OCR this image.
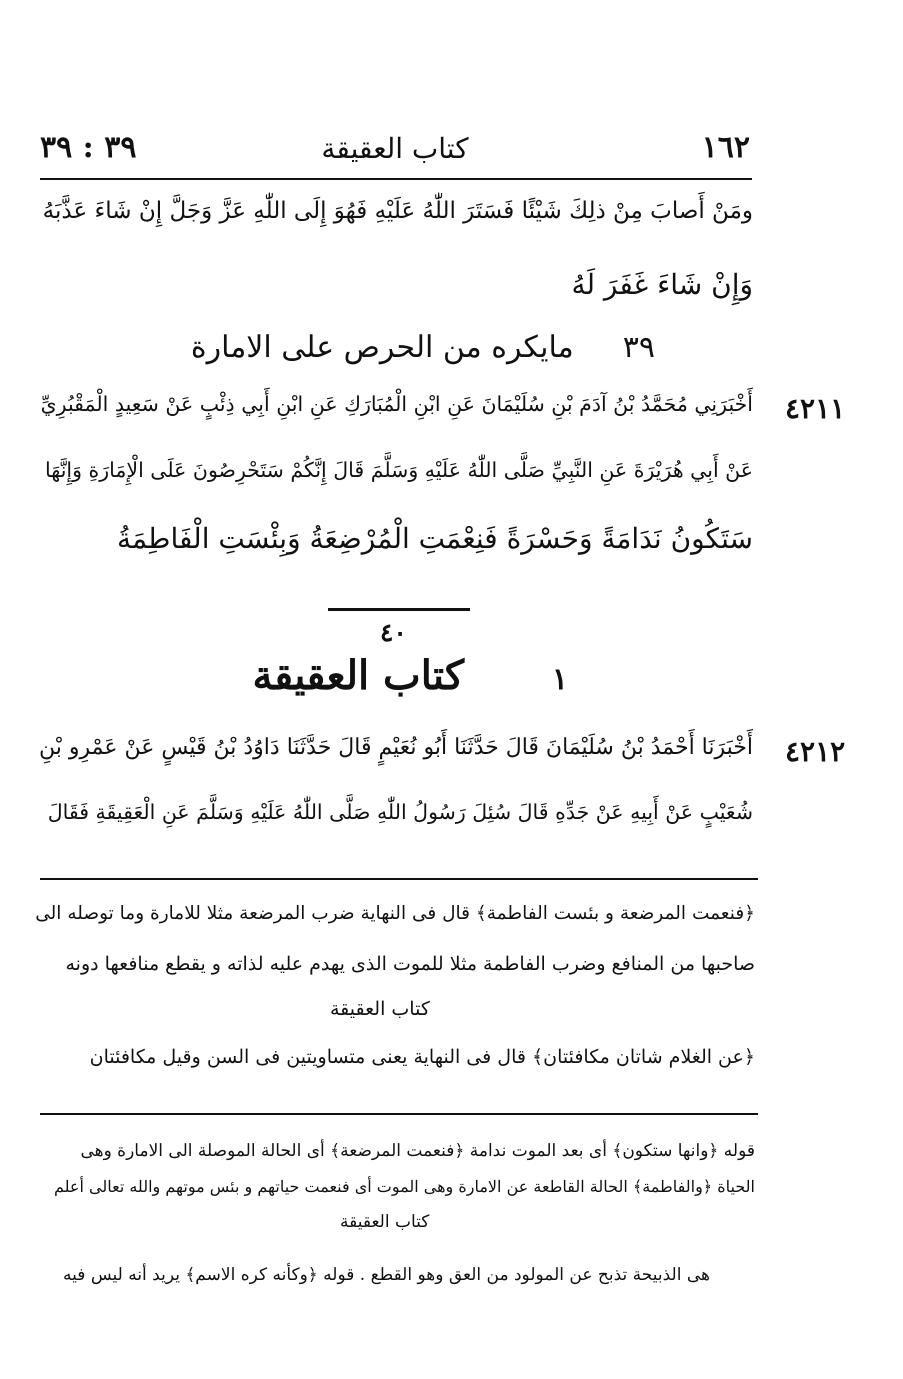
١٦٢
كتاب العقيقة
٣٩ : ٣٩
ومَنْ أَصابَ مِنْ ذلِكَ شَيْئًا فَسَتَرَ اللّٰهُ عَلَيْهِ فَهُوَ إِلَى اللّٰهِ عَزَّ وَجَلَّ إِنْ شَاءَ عَذَّبَهُ
وَإِنْ شَاءَ غَفَرَ لَهُ
٣٩  مايكره من الحرص على الامارة
٤٢١١
أَخْبَرَنِي مُحَمَّدُ بْنُ آدَمَ بْنِ سُلَيْمَانَ عَنِ ابْنِ الْمُبَارَكِ عَنِ ابْنِ أَبِي ذِئْبٍ عَنْ سَعِيدٍ الْمَقْبُرِيِّ
عَنْ أَبِي هُرَيْرَةَ عَنِ النَّبِيِّ صَلَّى اللّٰهُ عَلَيْهِ وَسَلَّمَ قَالَ إِنَّكُمْ سَتَحْرِصُونَ عَلَى الْإِمَارَةِ وَإِنَّهَا
سَتَكُونُ نَدَامَةً وَحَسْرَةً فَنِعْمَتِ الْمُرْضِعَةُ وَبِئْسَتِ الْفَاطِمَةُ
٤٠
١  كتاب العقيقة
٤٢١٢
أَخْبَرَنَا أَحْمَدُ بْنُ سُلَيْمَانَ قَالَ حَدَّثَنَا أَبُو نُعَيْمٍ قَالَ حَدَّثَنَا دَاوُدُ بْنُ قَيْسٍ عَنْ عَمْرِو بْنِ
شُعَيْبٍ عَنْ أَبِيهِ عَنْ جَدِّهِ قَالَ سُئِلَ رَسُولُ اللّٰهِ صَلَّى اللّٰهُ عَلَيْهِ وَسَلَّمَ عَنِ الْعَقِيقَةِ فَقَالَ
﴿فنعمت المرضعة و بئست الفاطمة﴾ قال فى النهاية ضرب المرضعة مثلا للامارة وما توصله الى
صاحبها من المنافع وضرب الفاطمة مثلا للموت الذى يهدم عليه لذاته و يقطع منافعها دونه
كتاب العقيقة
﴿عن الغلام شاتان مكافئتان﴾ قال فى النهاية يعنى متساويتين فى السن وقيل مكافئتان
قوله ﴿وانها ستكون﴾ أى بعد الموت ندامة ﴿فنعمت المرضعة﴾ أى الحالة الموصلة الى الامارة وهى
الحياة ﴿والفاطمة﴾ الحالة القاطعة عن الامارة وهى الموت أى فنعمت حياتهم و بئس موتهم والله تعالى أعلم
كتاب العقيقة
هى الذبيحة تذبح عن المولود من العق وهو القطع . قوله ﴿وكأنه كره الاسم﴾ يريد أنه ليس فيه
